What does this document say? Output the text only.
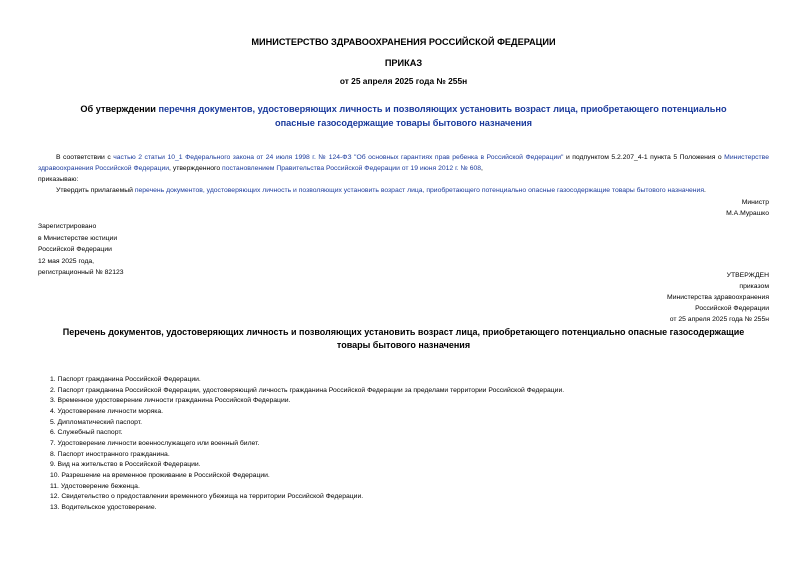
МИНИСТЕРСТВО ЗДРАВООХРАНЕНИЯ РОССИЙСКОЙ ФЕДЕРАЦИИ
ПРИКАЗ
от 25 апреля 2025 года № 255н
Об утверждении перечня документов, удостоверяющих личность и позволяющих установить возраст лица, приобретающего потенциально опасные газосодержащие товары бытового назначения
В соответствии с частью 2 статьи 10_1 Федерального закона от 24 июля 1998 г. № 124-ФЗ "Об основных гарантиях прав ребенка в Российской Федерации" и подпунктом 5.2.207_4-1 пункта 5 Положения о Министерстве здравоохранения Российской Федерации, утвержденного постановлением Правительства Российской Федерации от 19 июня 2012 г. № 608,
приказываю:
Утвердить прилагаемый перечень документов, удостоверяющих личность и позволяющих установить возраст лица, приобретающего потенциально опасные газосодержащие товары бытового назначения.
Министр
М.А.Мурашко
Зарегистрировано
в Министерстве юстиции
Российской Федерации
12 мая 2025 года,
регистрационный № 82123	УТВЕРЖДЕН
приказом
Министерства здравоохранения
Российской Федерации
от 25 апреля 2025 года № 255н
Перечень документов, удостоверяющих личность и позволяющих установить возраст лица, приобретающего потенциально опасные газосодержащие товары бытового назначения
1. Паспорт гражданина Российской Федерации.
2. Паспорт гражданина Российской Федерации, удостоверяющий личность гражданина Российской Федерации за пределами территории Российской Федерации.
3. Временное удостоверение личности гражданина Российской Федерации.
4. Удостоверение личности моряка.
5. Дипломатический паспорт.
6. Служебный паспорт.
7. Удостоверение личности военнослужащего или военный билет.
8. Паспорт иностранного гражданина.
9. Вид на жительство в Российской Федерации.
10. Разрешение на временное проживание в Российской Федерации.
11. Удостоверение беженца.
12. Свидетельство о предоставлении временного убежища на территории Российской Федерации.
13. Водительское удостоверение.
